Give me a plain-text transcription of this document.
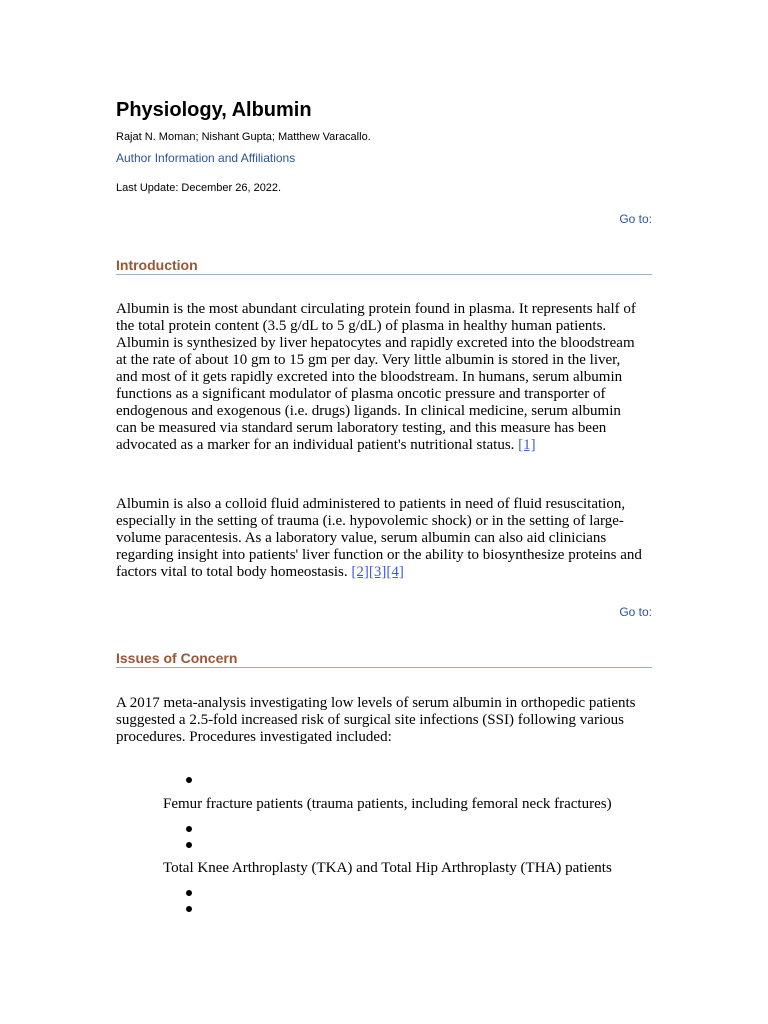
Physiology, Albumin
Rajat N. Moman; Nishant Gupta; Matthew Varacallo.
Author Information and Affiliations
Last Update: December 26, 2022.
Go to:
Introduction

Albumin is the most abundant circulating protein found in plasma. It represents half of the total protein content (3.5 g/dL to 5 g/dL) of plasma in healthy human patients. Albumin is synthesized by liver hepatocytes and rapidly excreted into the bloodstream at the rate of about 10 gm to 15 gm per day. Very little albumin is stored in the liver, and most of it gets rapidly excreted into the bloodstream. In humans, serum albumin functions as a significant modulator of plasma oncotic pressure and transporter of endogenous and exogenous (i.e. drugs) ligands. In clinical medicine, serum albumin can be measured via standard serum laboratory testing, and this measure has been advocated as a marker for an individual patient's nutritional status. [1]

Albumin is also a colloid fluid administered to patients in need of fluid resuscitation, especially in the setting of trauma (i.e. hypovolemic shock) or in the setting of large-volume paracentesis. As a laboratory value, serum albumin can also aid clinicians regarding insight into patients' liver function or the ability to biosynthesize proteins and factors vital to total body homeostasis. [2][3][4]

Go to:
Issues of Concern

A 2017 meta-analysis investigating low levels of serum albumin in orthopedic patients suggested a 2.5-fold increased risk of surgical site infections (SSI) following various procedures. Procedures investigated included:

Femur fracture patients (trauma patients, including femoral neck fractures)
Total Knee Arthroplasty (TKA) and Total Hip Arthroplasty (THA) patients
